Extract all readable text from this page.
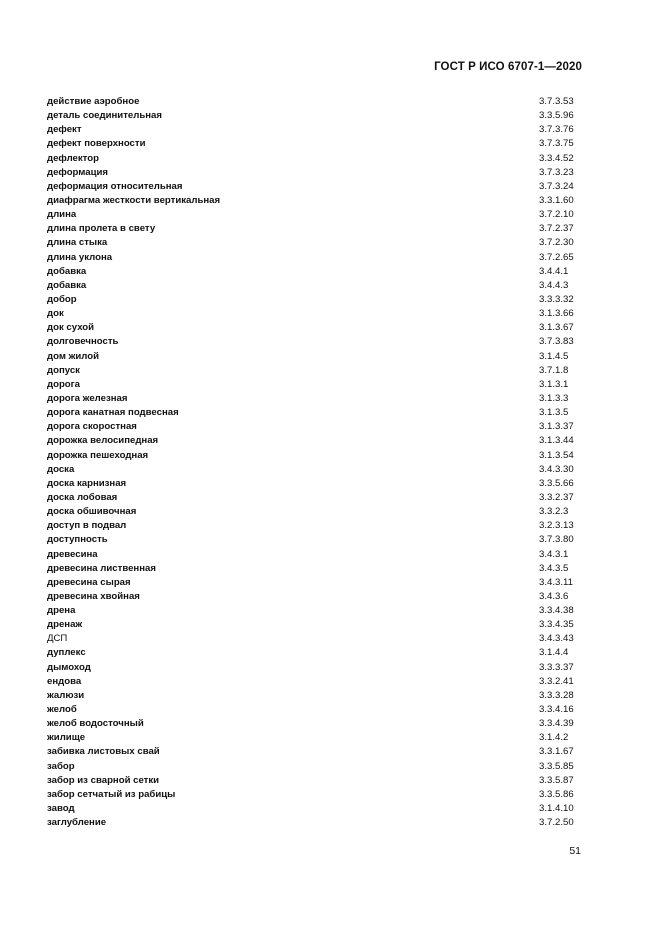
ГОСТ Р ИСО 6707-1—2020
действие аэробное	3.7.3.53
деталь соединительная	3.3.5.96
дефект	3.7.3.76
дефект поверхности	3.7.3.75
дефлектор	3.3.4.52
деформация	3.7.3.23
деформация относительная	3.7.3.24
диафрагма жесткости вертикальная	3.3.1.60
длина	3.7.2.10
длина пролета в свету	3.7.2.37
длина стыка	3.7.2.30
длина уклона	3.7.2.65
добавка	3.4.4.1
добавка	3.4.4.3
добор	3.3.3.32
док	3.1.3.66
док сухой	3.1.3.67
долговечность	3.7.3.83
дом жилой	3.1.4.5
допуск	3.7.1.8
дорога	3.1.3.1
дорога железная	3.1.3.3
дорога канатная подвесная	3.1.3.5
дорога скоростная	3.1.3.37
дорожка велосипедная	3.1.3.44
дорожка пешеходная	3.1.3.54
доска	3.4.3.30
доска карнизная	3.3.5.66
доска лобовая	3.3.2.37
доска обшивочная	3.3.2.3
доступ в подвал	3.2.3.13
доступность	3.7.3.80
древесина	3.4.3.1
древесина лиственная	3.4.3.5
древесина сырая	3.4.3.11
древесина хвойная	3.4.3.6
дрена	3.3.4.38
дренаж	3.3.4.35
ДСП	3.4.3.43
дуплекс	3.1.4.4
дымоход	3.3.3.37
ендова	3.3.2.41
жалюзи	3.3.3.28
желоб	3.3.4.16
желоб водосточный	3.3.4.39
жилище	3.1.4.2
забивка листовых свай	3.3.1.67
забор	3.3.5.85
забор из сварной сетки	3.3.5.87
забор сетчатый из рабицы	3.3.5.86
завод	3.1.4.10
заглубление	3.7.2.50
51
